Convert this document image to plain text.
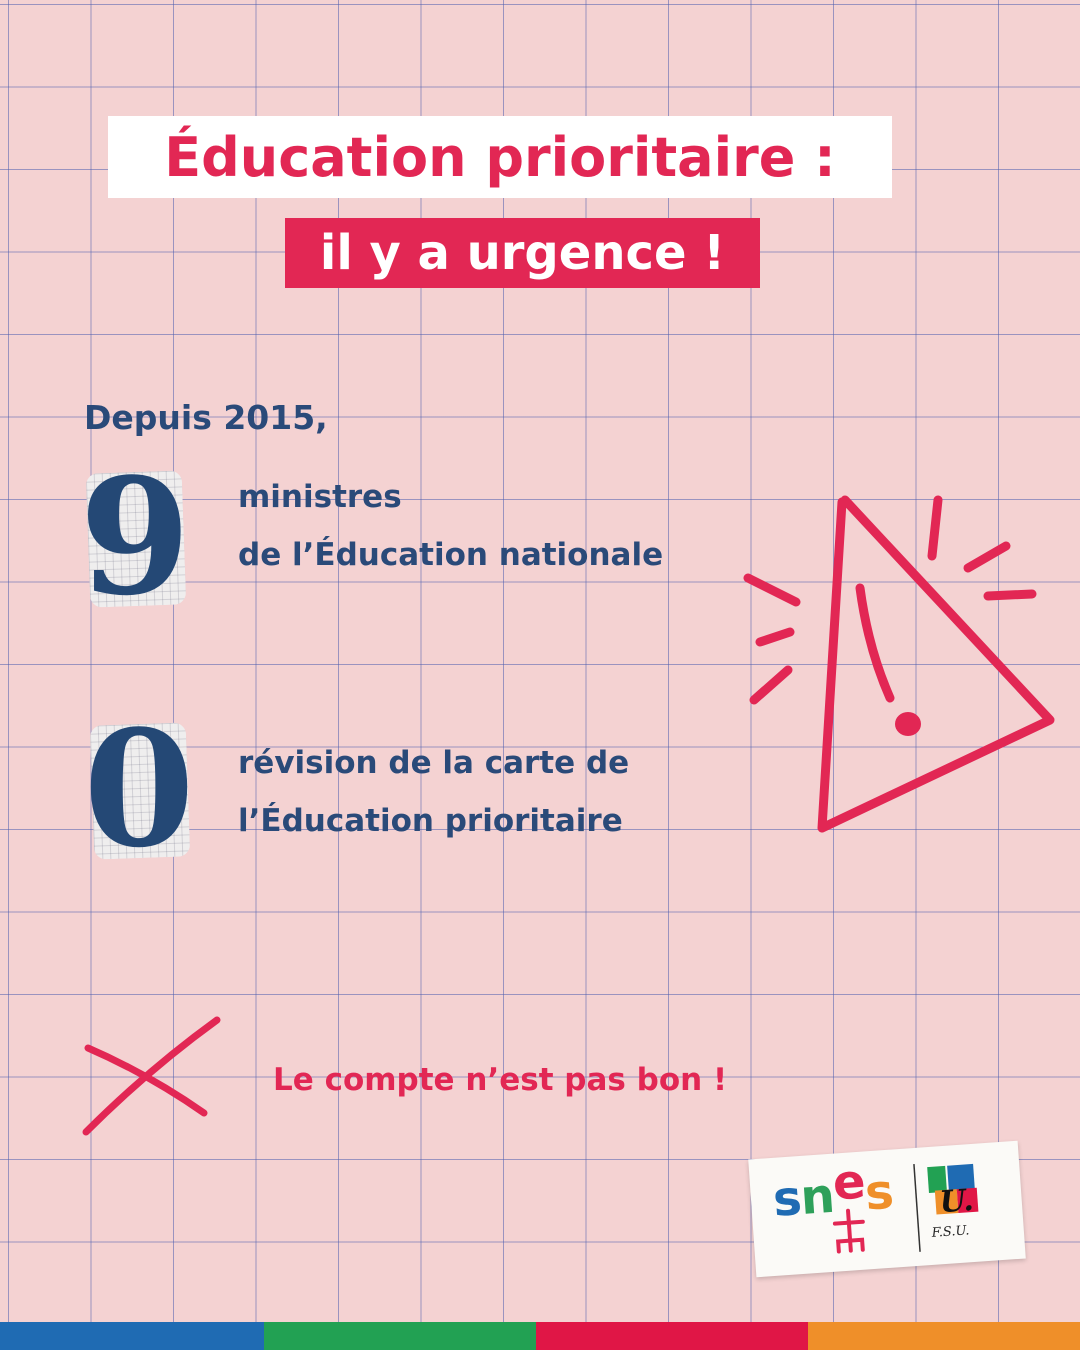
Éducation prioritaire :
il y a urgence !

Depuis 2015,

9 ministres
de l’Éducation nationale

0 révision de la carte de
l’Éducation prioritaire

Le compte n’est pas bon !

U.
snes
F.S.U.
